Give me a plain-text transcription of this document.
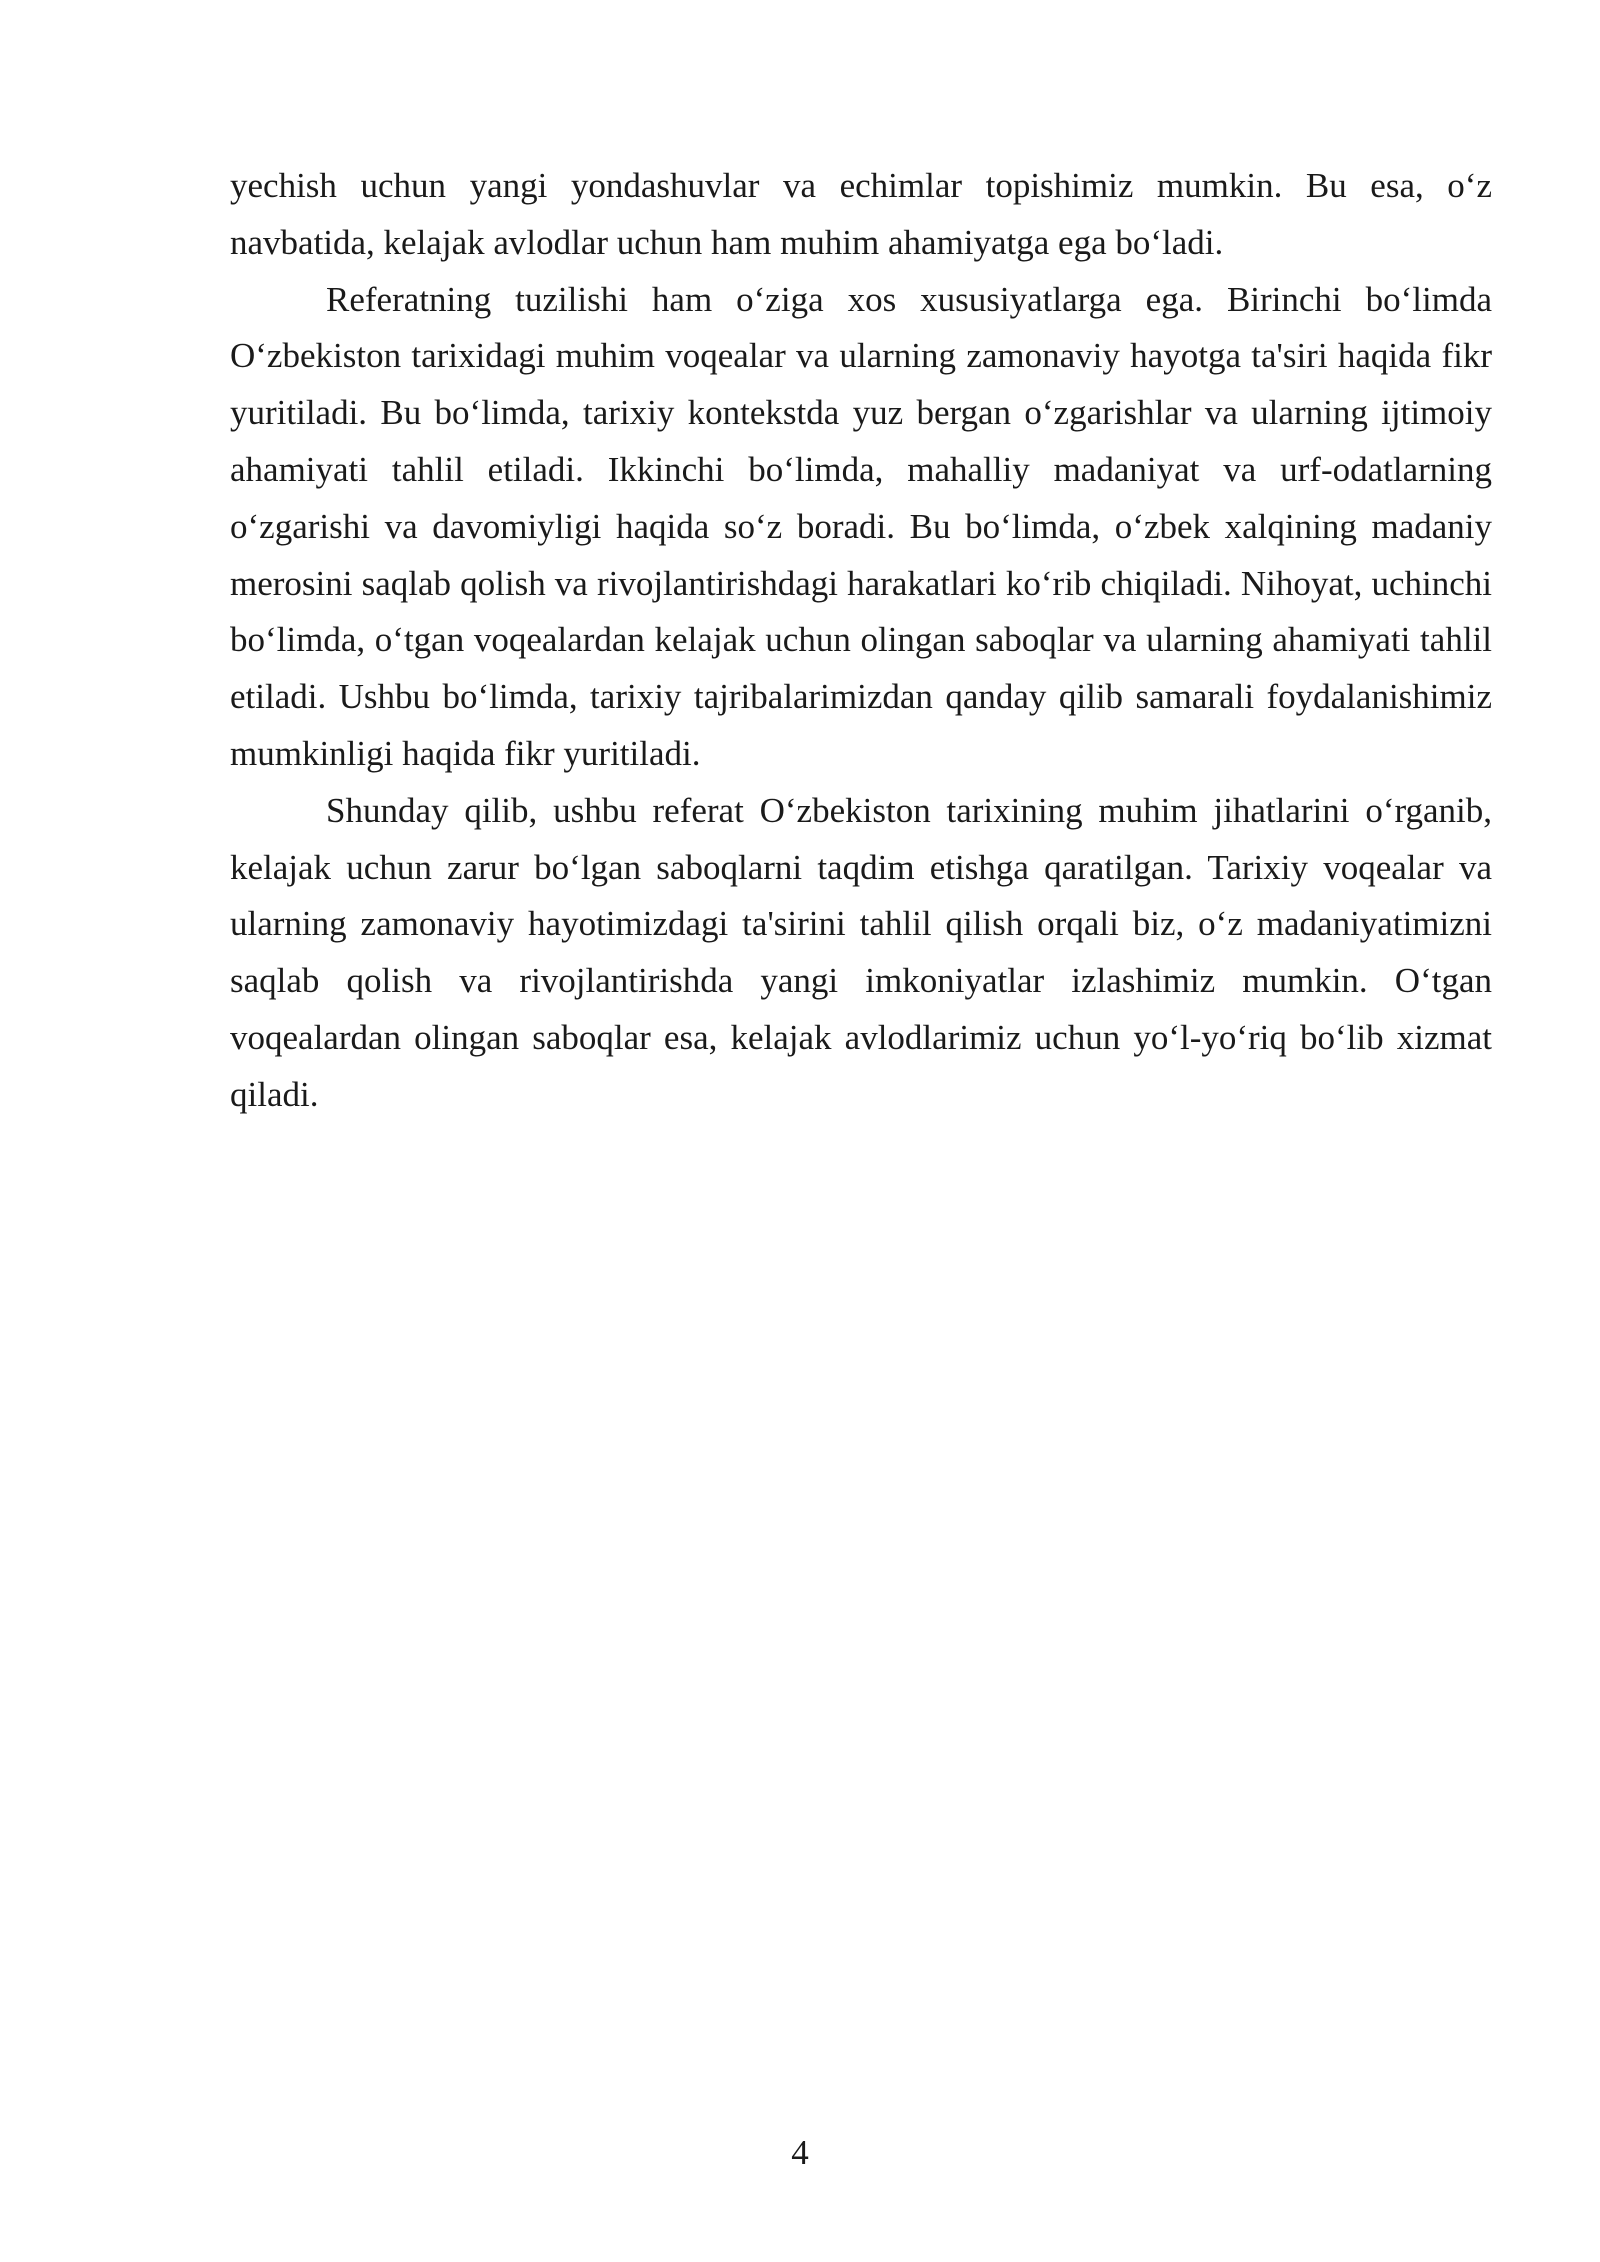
yechish uchun yangi yondashuvlar va echimlar topishimiz mumkin. Bu esa, o‘z navbatida, kelajak avlodlar uchun ham muhim ahamiyatga ega bo‘ladi.

Referatning tuzilishi ham o‘ziga xos xususiyatlarga ega. Birinchi bo‘limda O‘zbekiston tarixidagi muhim voqealar va ularning zamonaviy hayotga ta'siri haqida fikr yuritiladi. Bu bo‘limda, tarixiy kontekstda yuz bergan o‘zgarishlar va ularning ijtimoiy ahamiyati tahlil etiladi. Ikkinchi bo‘limda, mahalliy madaniyat va urf-odatlarning o‘zgarishi va davomiyligi haqida so‘z boradi. Bu bo‘limda, o‘zbek xalqining madaniy merosini saqlab qolish va rivojlantirishdagi harakatlari ko‘rib chiqiladi. Nihoyat, uchinchi bo‘limda, o‘tgan voqealardan kelajak uchun olingan saboqlar va ularning ahamiyati tahlil etiladi. Ushbu bo‘limda, tarixiy tajribalarimizdan qanday qilib samarali foydalanishimiz mumkinligi haqida fikr yuritiladi.

Shunday qilib, ushbu referat O‘zbekiston tarixining muhim jihatlarini o‘rganib, kelajak uchun zarur bo‘lgan saboqlarni taqdim etishga qaratilgan. Tarixiy voqealar va ularning zamonaviy hayotimizdagi ta'sirini tahlil qilish orqali biz, o‘z madaniyatimizni saqlab qolish va rivojlantirishda yangi imkoniyatlar izlashimiz mumkin. O‘tgan voqealardan olingan saboqlar esa, kelajak avlodlarimiz uchun yo‘l-yo‘riq bo‘lib xizmat qiladi.

4
